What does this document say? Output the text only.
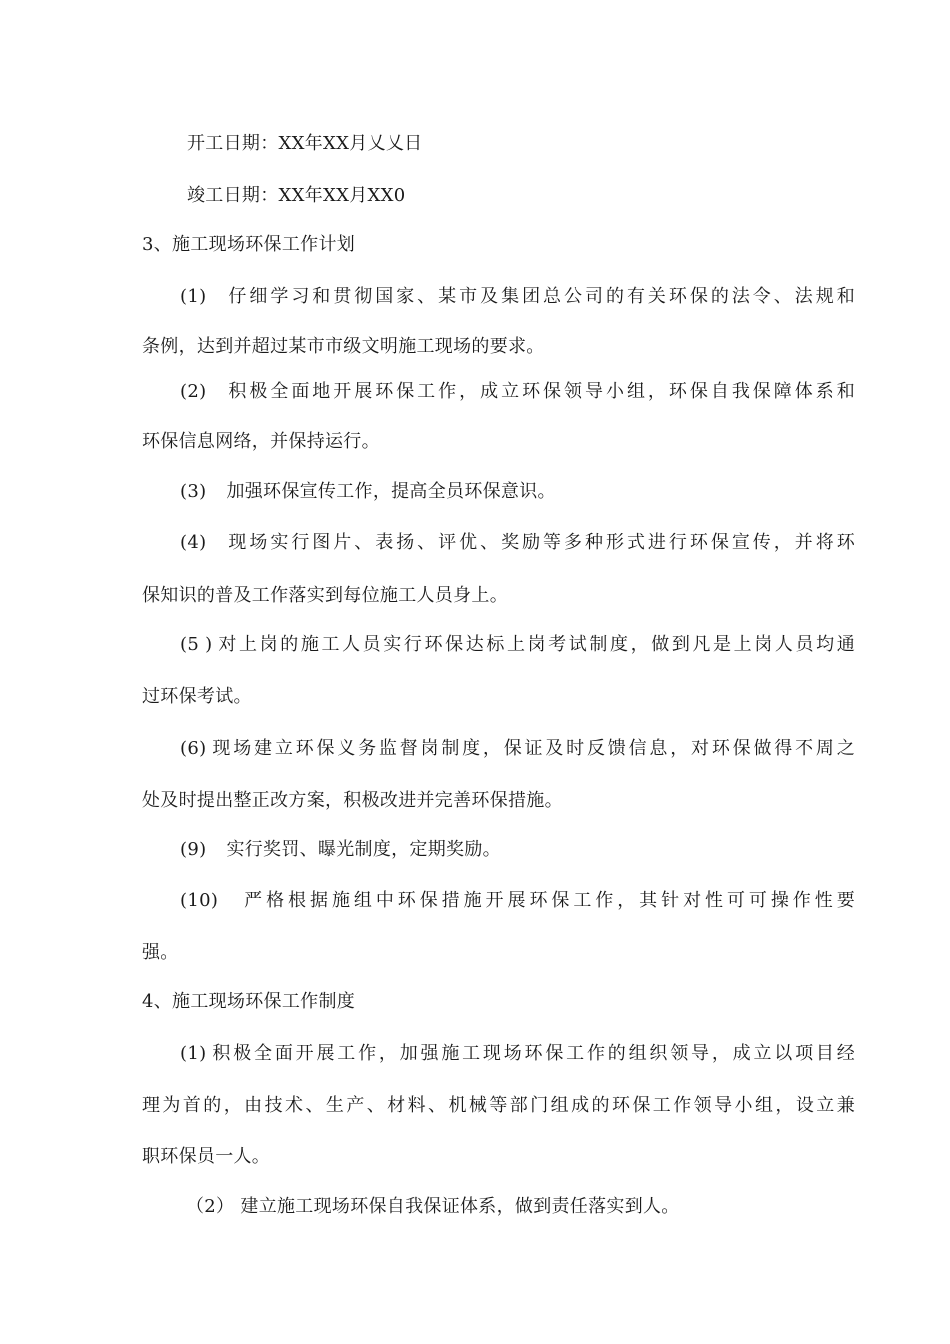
开工日期：XX年XX月乂乂日
竣工日期：XX年XX月XX0
3、施工现场环保工作计划
(1) 仔细学习和贯彻国家、某市及集团总公司的有关环保的法令、法规和
条例，达到并超过某市市级文明施工现场的要求。
(2) 积极全面地开展环保工作，成立环保领导小组，环保自我保障体系和
环保信息网络，并保持运行。
(3) 加强环保宣传工作，提高全员环保意识。
(4) 现场实行图片、表扬、评优、奖励等多种形式进行环保宣传，并将环
保知识的普及工作落实到每位施工人员身上。
(5 ) 对上岗的施工人员实行环保达标上岗考试制度，做到凡是上岗人员均通
过环保考试。
(6) 现场建立环保义务监督岗制度，保证及时反馈信息，对环保做得不周之
处及时提出整正改方案，积极改进并完善环保措施。
(9) 实行奖罚、曝光制度，定期奖励。
(10) 严格根据施组中环保措施开展环保工作，其针对性可可操作性要
强。
4、施工现场环保工作制度
(1) 积极全面开展工作，加强施工现场环保工作的组织领导，成立以项目经
理为首的，由技术、生产、材料、机械等部门组成的环保工作领导小组，设立兼
职环保员一人。
（2） 建立施工现场环保自我保证体系，做到责任落实到人。
